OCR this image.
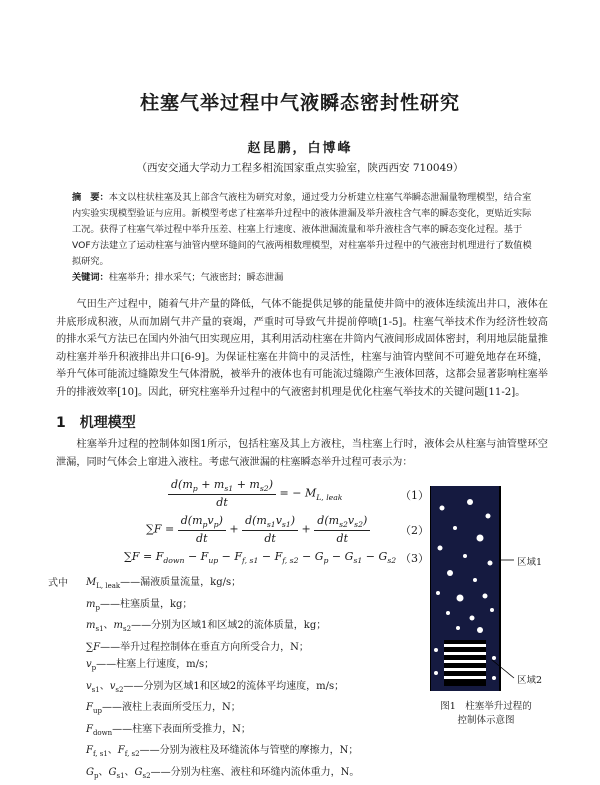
柱塞气举过程中气液瞬态密封性研究
赵昆鹏，白博峰
（西安交通大学动力工程多相流国家重点实验室，陕西西安 710049）
摘　要：本文以柱状柱塞及其上部含气液柱为研究对象，通过受力分析建立柱塞气举瞬态泄漏量物理模型，结合室内实验实现模型验证与应用。新模型考虑了柱塞举升过程中的液体泄漏及举升液柱含气率的瞬态变化，更贴近实际工况。获得了柱塞气举过程中举升压差、柱塞上行速度、液体泄漏流量和举升液柱含气率的瞬态变化过程。基于VOF方法建立了运动柱塞与油管内壁环缝间的气液两相数理模型，对柱塞举升过程中的气液密封机理进行了数值模拟研究。
关键词：柱塞举升；排水采气；气液密封；瞬态泄漏

气田生产过程中，随着气井产量的降低，气体不能提供足够的能量使井筒中的液体连续流出井口，液体在井底形成积液，从而加剧气井产量的衰竭，严重时可导致气井提前停喷[1-5]。柱塞气举技术作为经济性较高的排水采气方法已在国内外油气田实现应用，其利用活动柱塞在井筒内气液间形成固体密封，利用地层能量推动柱塞并举升积液排出井口[6-9]。为保证柱塞在井筒中的灵活性，柱塞与油管内壁间不可避免地存在环缝，举升气体可能流过缝隙发生气体滑脱，被举升的液体也有可能流过缝隙产生液体回落，这都会显著影响柱塞举升的排液效率[10]。因此，研究柱塞举升过程中的气液密封机理是优化柱塞气举技术的关键问题[11-2]。

1 机理模型

柱塞举升过程的控制体如图1所示，包括柱塞及其上方液柱，当柱塞上行时，液体会从柱塞与油管壁环空泄漏，同时气体会上窜进入液柱。考虑气液泄漏的柱塞瞬态举升过程可表示为：

$\frac{d(m_p + m_{s1} + m_{s2})}{dt}$ = − $M_{L, leak}$	（1）
$\sum F = \frac{d(m_pv_p)}{dt} + \frac{d(m_{s1}v_{s1})}{dt} + \frac{d(m_{s2}v_{s2})}{dt}$	（2）
$\sum F = F_{down} - F_{up} - F_{f, s1} - F_{f, s2} - G_p - G_{s1} - G_{s2}$ （3）
式中	$M_{L, leak}——$漏液质量流量，kg/s；
$m_p——$柱塞质量，kg；
$m_{s1}$、$m_{s2}——$分别为区域1和区域2的流体质量，kg；
∑F——举升过程控制体在垂直方向所受合力，N；
$v_p——$柱塞上行速度，m/s；
$v_{s1}$、$v_{s2}——$分别为区域1和区域2的流体平均速度，m/s；
$F_{up}——$液柱上表面所受压力，N；
$F_{down}——$柱塞下表面所受推力，N；
$F_{f, s1}$、$F_{f, s2}——$分别为液柱及环缝流体与管壁的摩擦力，N；
$G_p$、$G_{s1}$、$G_{s2}——$分别为柱塞、液柱和环缝内流体重力，N。
区域1
区域2
图1　柱塞举升过程的
控制体示意图
